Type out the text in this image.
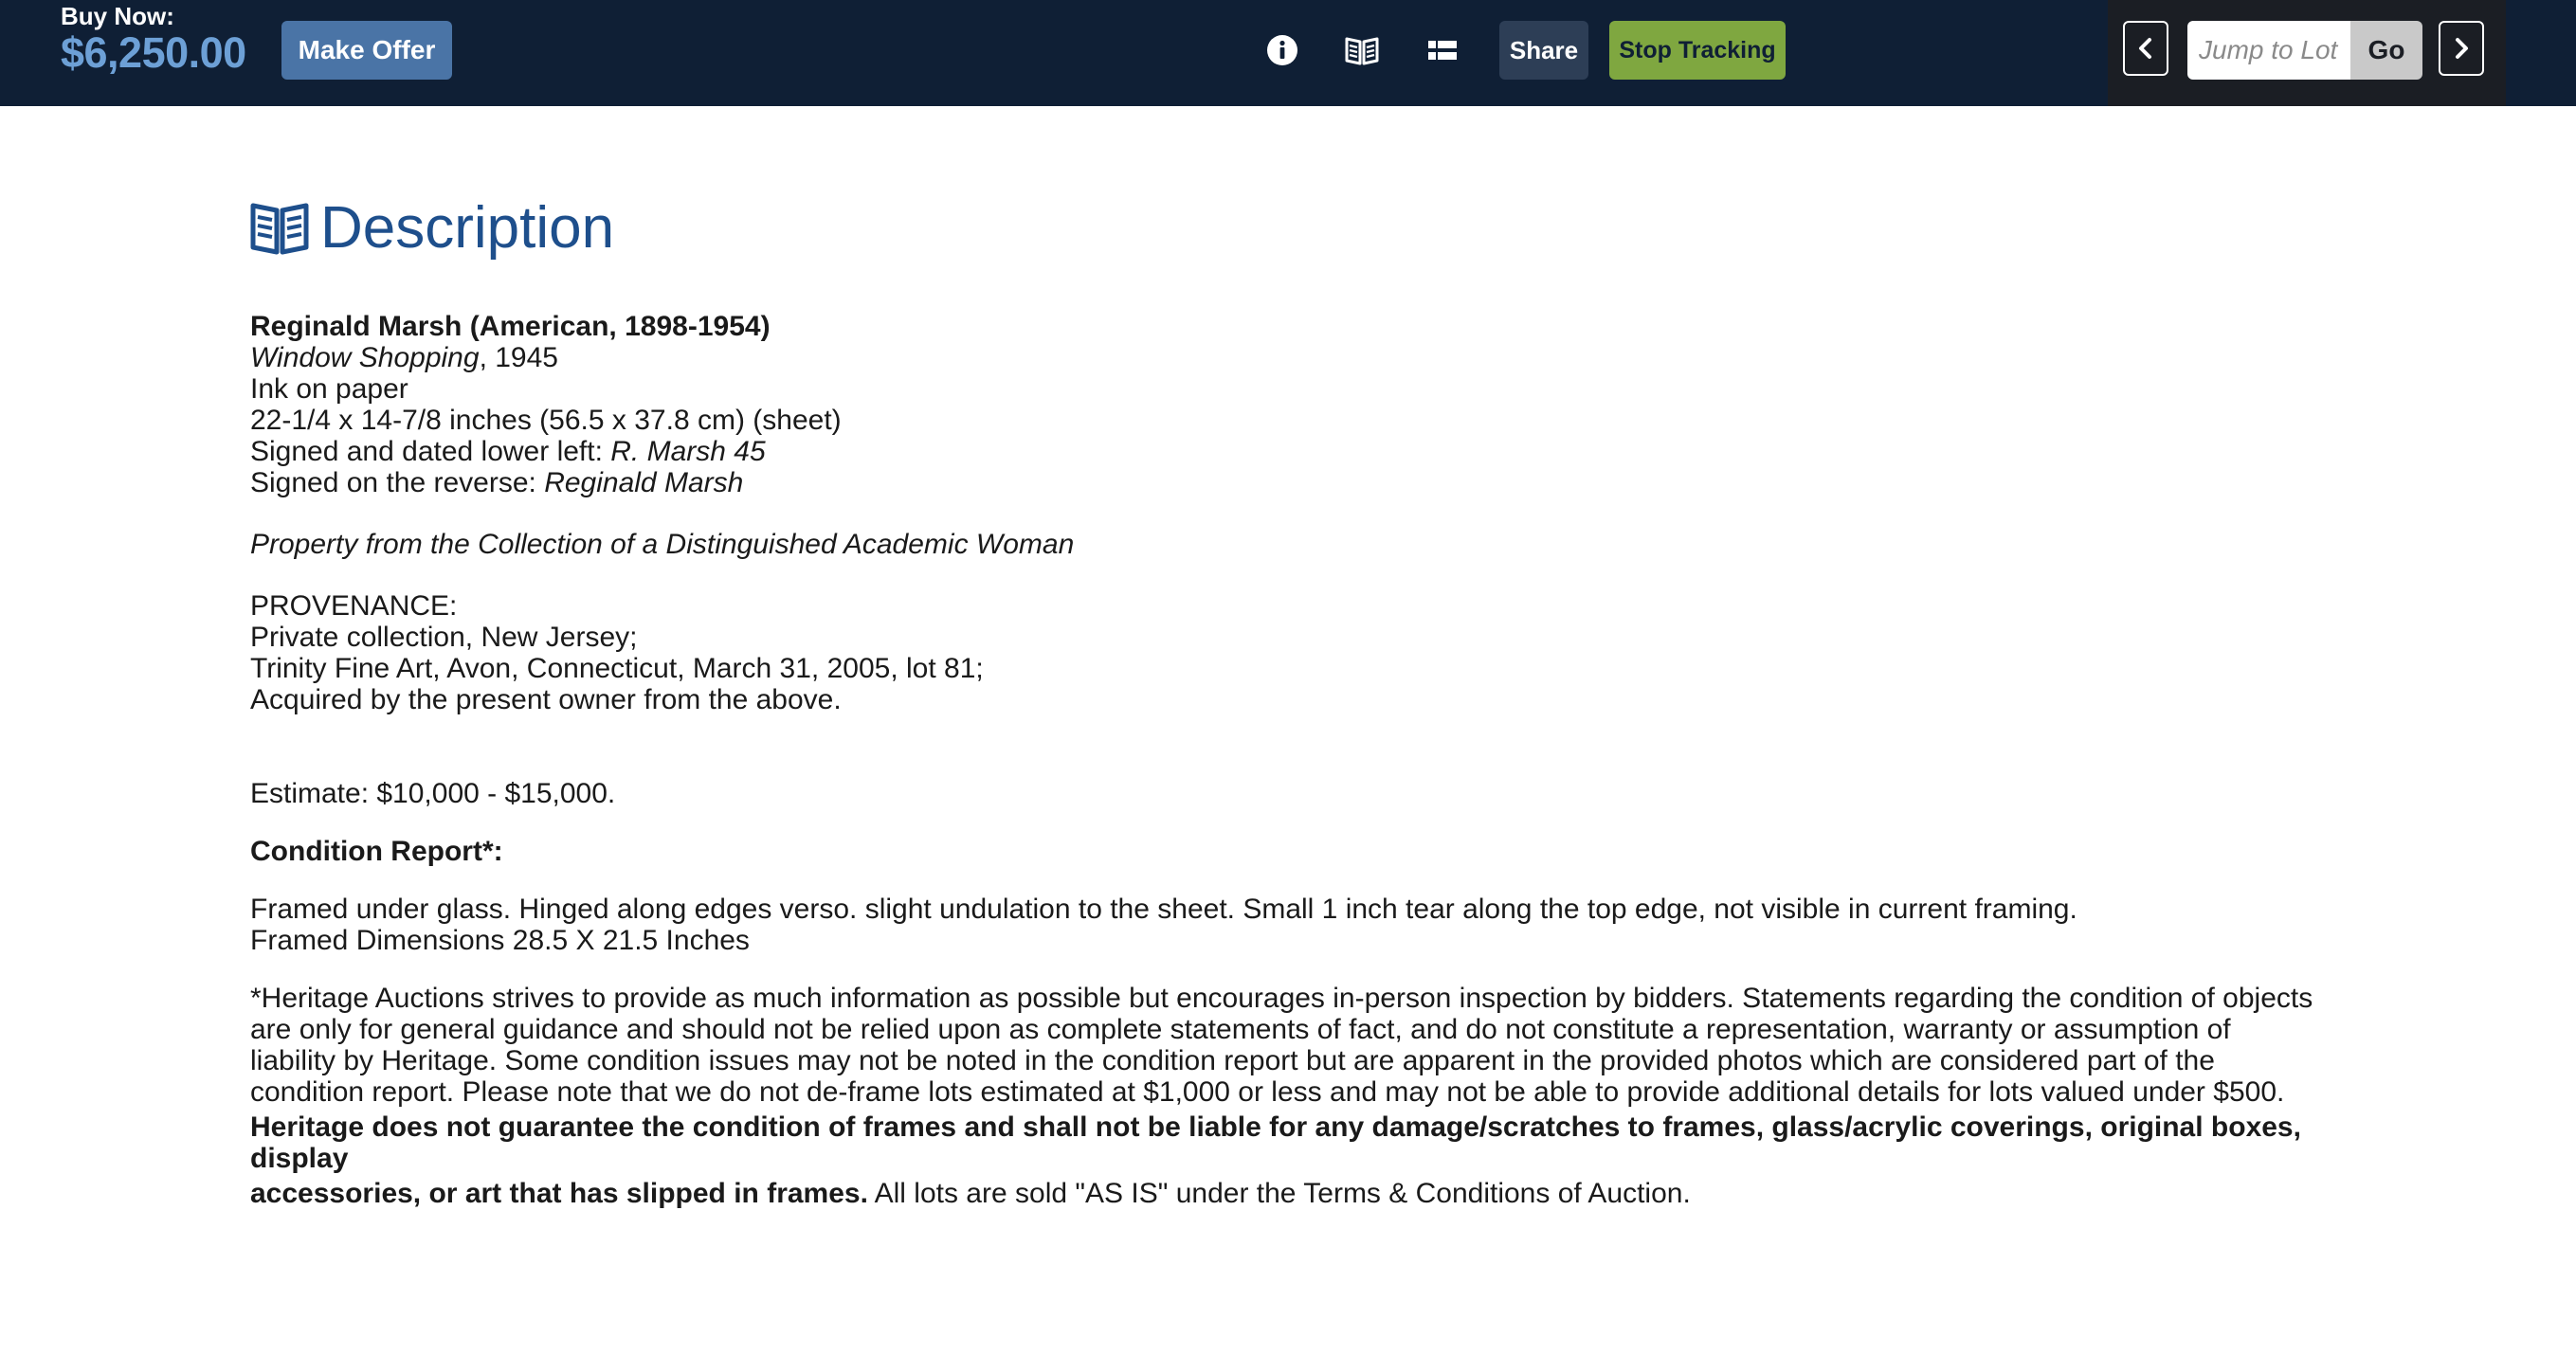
Buy Now:
$6,250.00	Make Offer	Share	Stop Tracking
Jump to Lot	Go
Description

Reginald Marsh (American, 1898-1954)

Window Shopping, 1945

Ink on paper

22-1/4 x 14-7/8 inches (56.5 x 37.8 cm) (sheet)

Signed and dated lower left: R. Marsh 45

Signed on the reverse: Reginald Marsh

Property from the Collection of a Distinguished Academic Woman

PROVENANCE:

Private collection, New Jersey;

Trinity Fine Art, Avon, Connecticut, March 31, 2005, lot 81;

Acquired by the present owner from the above.

Estimate: $10,000 - $15,000.

Condition Report*:

Framed under glass. Hinged along edges verso. slight undulation to the sheet. Small 1 inch tear along the top edge, not visible in current framing.

Framed Dimensions 28.5 X 21.5 Inches

*Heritage Auctions strives to provide as much information as possible but encourages in-person inspection by bidders. Statements regarding the condition of objects

are only for general guidance and should not be relied upon as complete statements of fact, and do not constitute a representation, warranty or assumption of

liability by Heritage. Some condition issues may not be noted in the condition report but are apparent in the provided photos which are considered part of the

condition report. Please note that we do not de-frame lots estimated at $1,000 or less and may not be able to provide additional details for lots valued under $500.

Heritage does not guarantee the condition of frames and shall not be liable for any damage/scratches to frames, glass/acrylic coverings, original boxes, display

accessories, or art that has slipped in frames. All lots are sold "AS IS" under the Terms & Conditions of Auction.
